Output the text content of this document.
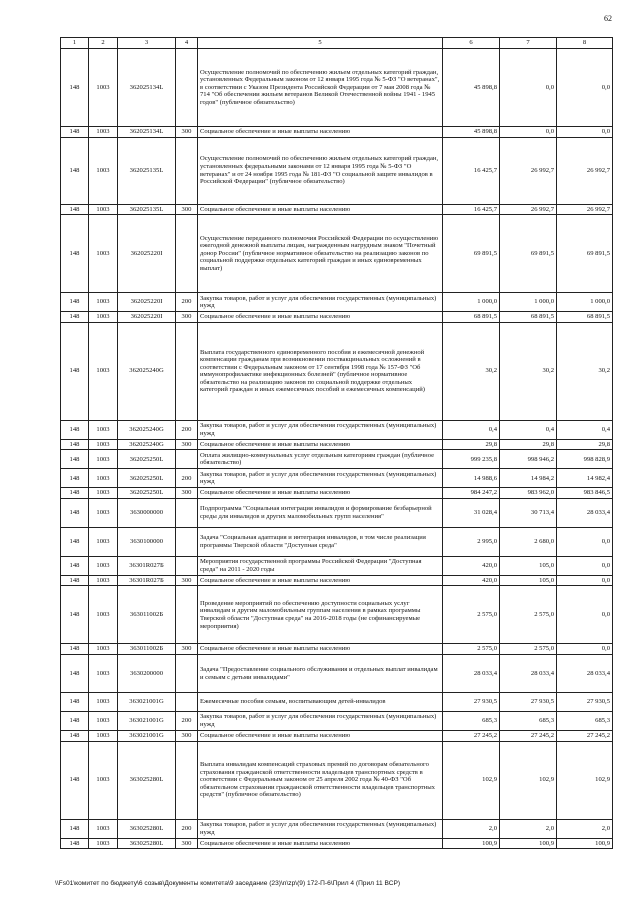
62
1	2	3	4	5	6	7	8
148	1003	362025134L		Осуществление полномочий по обеспечению жильем отдельных категорий граждан, установленных Федеральным законом от 12 января 1995 года № 5-ФЗ "О ветеранах", в соответствии с Указом Президента Российской Федерации от 7 мая 2008 года № 714 "Об обеспечении жильем ветеранов Великой Отечественной войны 1941 - 1945 годов" (публичное обязательство)	45 898,8	0,0	0,0
148	1003	362025134L	300	Социальное обеспечение и иные выплаты населению	45 898,8	0,0	0,0
148	1003	362025135L		Осуществление полномочий по обеспечению жильем отдельных категорий граждан, установленных федеральными законами от 12 января 1995 года № 5-ФЗ "О ветеранах" и от 24 ноября 1995 года № 181-ФЗ "О социальной защите инвалидов в Российской Федерации" (публичное обязательство)	16 425,7	26 992,7	26 992,7
148	1003	362025135L	300	Социальное обеспечение и иные выплаты населению	16 425,7	26 992,7	26 992,7
148	1003	362025220I		Осуществление переданного полномочия Российской Федерации по осуществлению ежегодной денежной выплаты лицам, награжденным нагрудным знаком "Почетный донор России" (публичное нормативное обязательство на реализацию законов по социальной поддержке отдельных категорий граждан и иных единовременных выплат)	69 891,5	69 891,5	69 891,5
148	1003	362025220I	200	Закупка товаров, работ и услуг для обеспечения государственных (муниципальных) нужд	1 000,0	1 000,0	1 000,0
148	1003	362025220I	300	Социальное обеспечение и иные выплаты населению	68 891,5	68 891,5	68 891,5
148	1003	362025240G		Выплата государственного единовременного пособия и ежемесячной денежной компенсации гражданам при возникновении поствакцинальных осложнений в соответствии с Федеральным законом от 17 сентября 1998 года № 157-ФЗ "Об иммунопрофилактике инфекционных болезней" (публичное нормативное обязательство на реализацию законов по социальной поддержке отдельных категорий граждан и иных ежемесячных пособий и ежемесячных компенсаций)	30,2	30,2	30,2
148	1003	362025240G	200	Закупка товаров, работ и услуг для обеспечения государственных (муниципальных) нужд	0,4	0,4	0,4
148	1003	362025240G	300	Социальное обеспечение и иные выплаты населению	29,8	29,8	29,8
148	1003	362025250L		Оплата жилищно-коммунальных услуг отдельным категориям граждан (публичное обязательство)	999 235,8	998 946,2	998 828,9
148	1003	362025250L	200	Закупка товаров, работ и услуг для обеспечения государственных (муниципальных) нужд	14 988,6	14 984,2	14 982,4
148	1003	362025250L	300	Социальное обеспечение и иные выплаты населению	984 247,2	983 962,0	983 846,5
148	1003	3630000000		Подпрограмма "Социальная интеграция инвалидов и формирование безбарьерной среды для инвалидов и других маломобильных групп населения"	31 028,4	30 713,4	28 033,4
148	1003	3630100000		Задача "Социальная адаптация и интеграция инвалидов, в том числе реализация программы Тверской области "Доступная среда"	2 995,0	2 680,0	0,0
148	1003	36301R027Б		Мероприятия государственной программы Российской Федерации "Доступная среда" на 2011 - 2020 годы	420,0	105,0	0,0
148	1003	36301R027Б	300	Социальное обеспечение и иные выплаты населению	420,0	105,0	0,0
148	1003	363011002Б		Проведение мероприятий по обеспечению доступности социальных услуг инвалидам и другим маломобильным группам населения в рамках программы Тверской области "Доступная среда" на 2016-2018 годы (не софинансируемые мероприятия)	2 575,0	2 575,0	0,0
148	1003	363011002Б	300	Социальное обеспечение и иные выплаты населению	2 575,0	2 575,0	0,0
148	1003	3630200000		Задача "Предоставление социального обслуживания и отдельных выплат инвалидам и семьям с детьми инвалидами"	28 033,4	28 033,4	28 033,4
148	1003	363021001G		Ежемесячные пособия семьям, воспитывающим детей-инвалидов	27 930,5	27 930,5	27 930,5
148	1003	363021001G	200	Закупка товаров, работ и услуг для обеспечения государственных (муниципальных) нужд	685,3	685,3	685,3
148	1003	363021001G	300	Социальное обеспечение и иные выплаты населению	27 245,2	27 245,2	27 245,2
148	1003	363025280L		Выплата инвалидам компенсаций страховых премий по договорам обязательного страхования гражданской ответственности владельцев транспортных средств в соответствии с Федеральным законом от 25 апреля 2002 года № 40-ФЗ "Об обязательном страховании гражданской ответственности владельцев транспортных средств" (публичное обязательство)	102,9	102,9	102,9
148	1003	363025280L	200	Закупка товаров, работ и услуг для обеспечения государственных (муниципальных) нужд	2,0	2,0	2,0
148	1003	363025280L	300	Социальное обеспечение и иные выплаты населению	100,9	100,9	100,9
\\Fs01\комитет по бюджету\6 созыв\Документы комитета\9 заседание (23)\n\zp\(9) 172-П-6\Прил 4 (Прил 11 ВСР)
